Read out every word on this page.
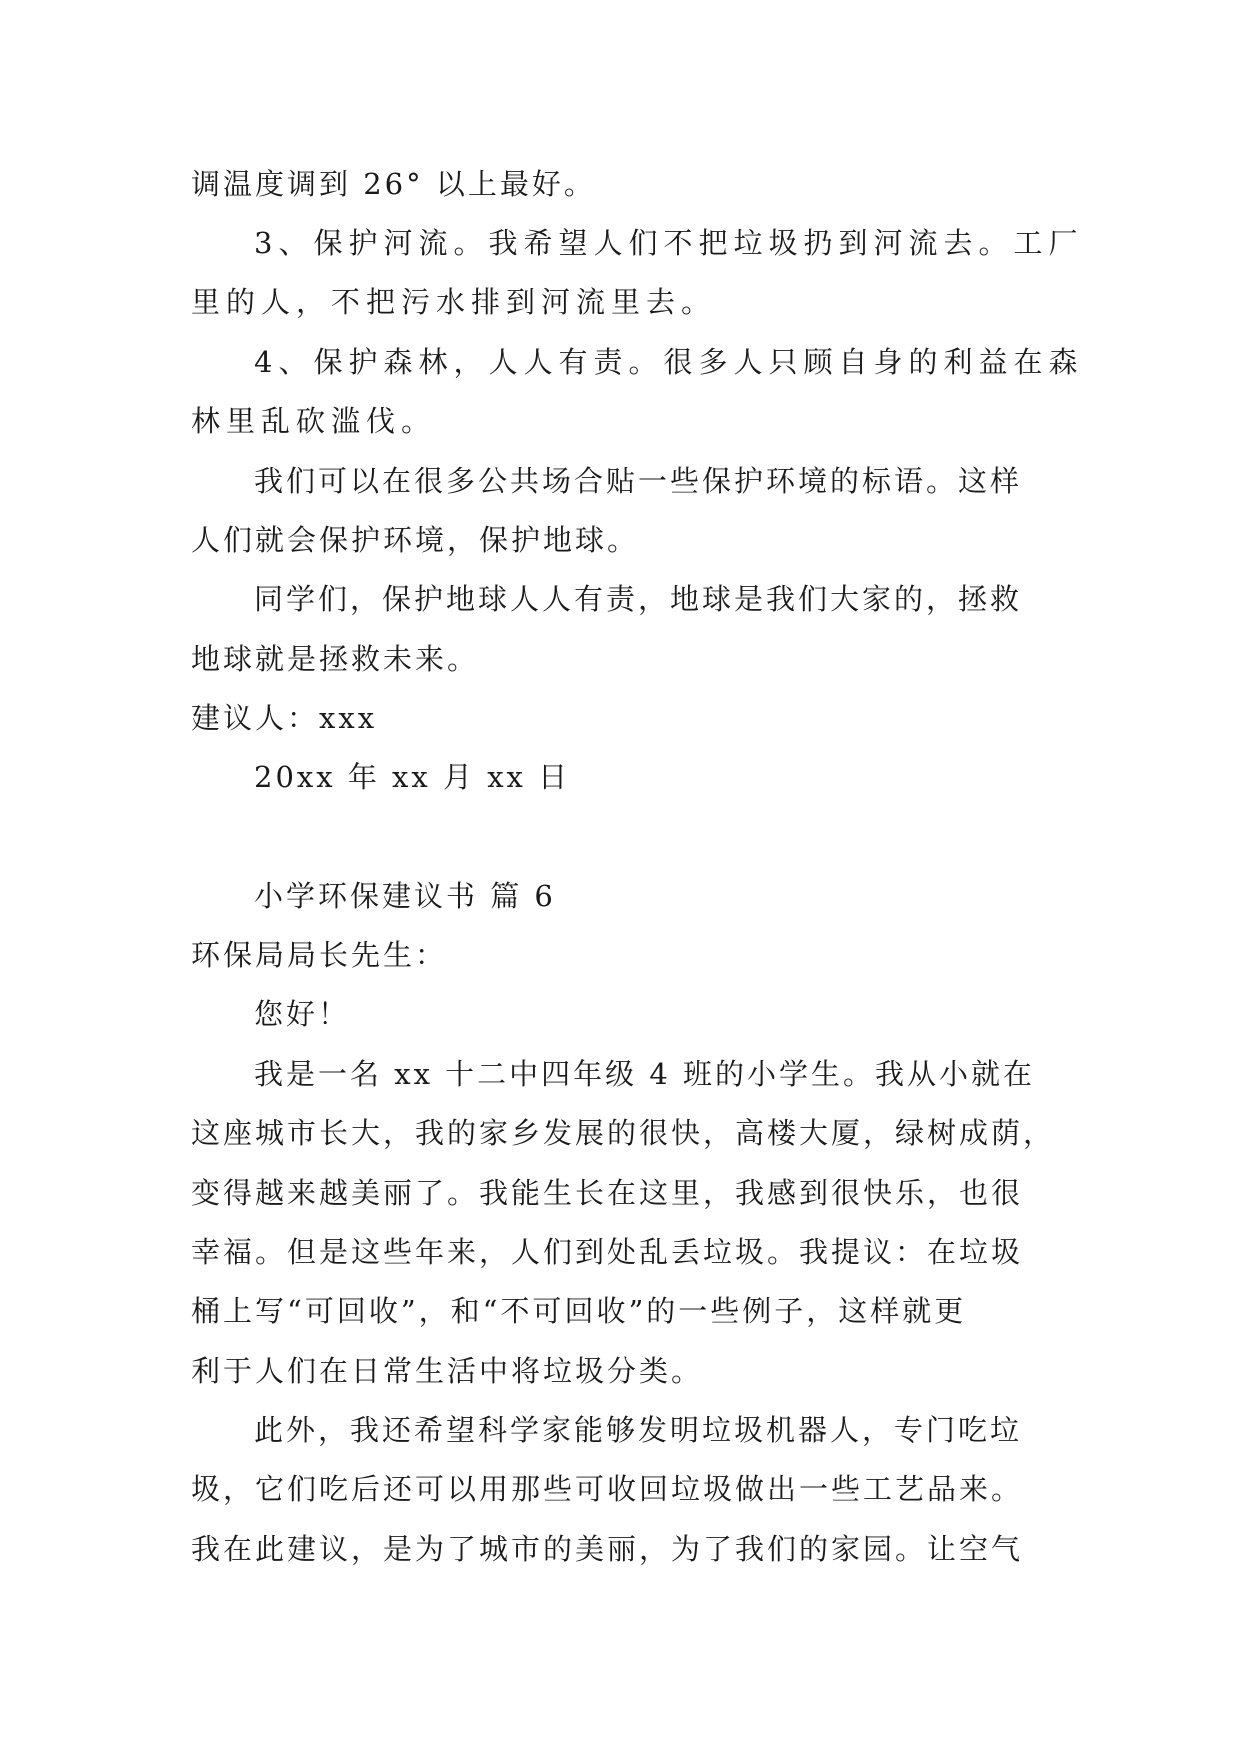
调温度调到 26° 以上最好。
3、保护河流。我希望人们不把垃圾扔到河流去。工厂
里的人，不把污水排到河流里去。
4、保护森林，人人有责。很多人只顾自身的利益在森
林里乱砍滥伐。
我们可以在很多公共场合贴一些保护环境的标语。这样
人们就会保护环境，保护地球。
同学们，保护地球人人有责，地球是我们大家的，拯救
地球就是拯救未来。
建议人：xxx
20xx 年 xx 月 xx 日
小学环保建议书 篇 6
环保局局长先生：
您好！
我是一名 xx 十二中四年级 4 班的小学生。我从小就在
这座城市长大，我的家乡发展的很快，高楼大厦，绿树成荫，
变得越来越美丽了。我能生长在这里，我感到很快乐，也很
幸福。但是这些年来，人们到处乱丢垃圾。我提议：在垃圾
桶上写“可回收”，和“不可回收”的一些例子，这样就更
利于人们在日常生活中将垃圾分类。
此外，我还希望科学家能够发明垃圾机器人，专门吃垃
圾，它们吃后还可以用那些可收回垃圾做出一些工艺品来。
我在此建议，是为了城市的美丽，为了我们的家园。让空气
